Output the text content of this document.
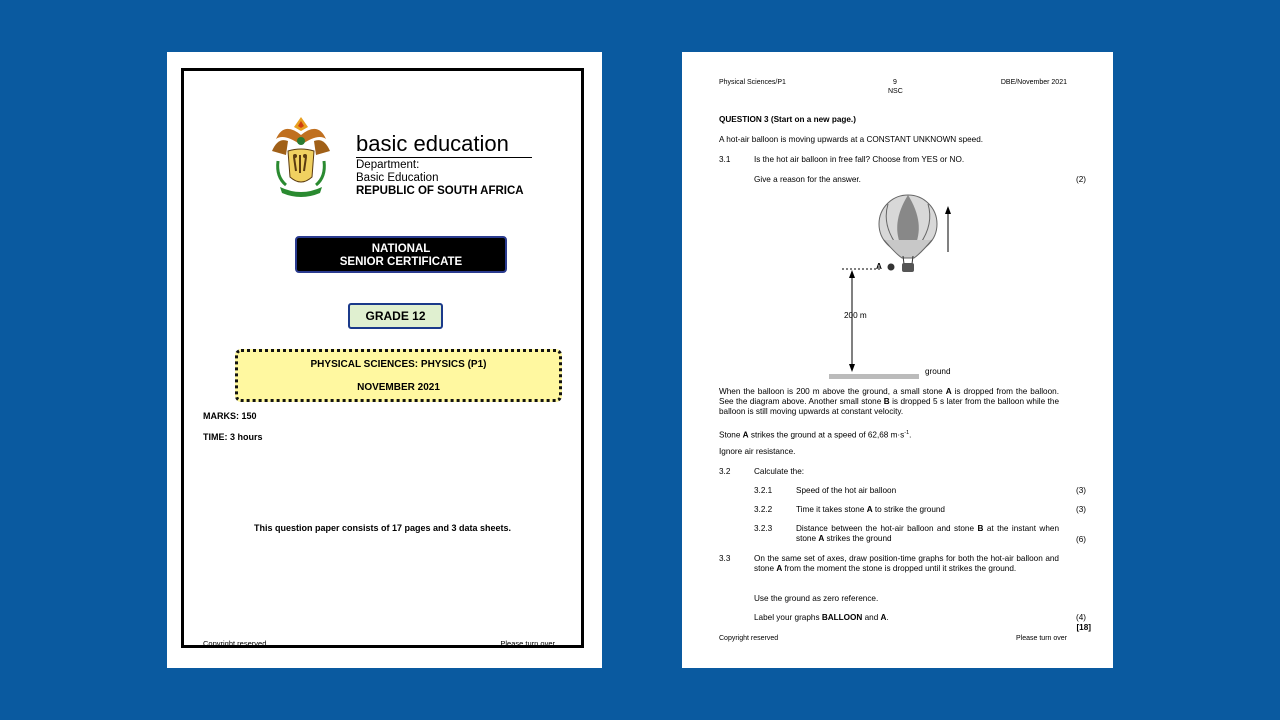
basic education
Department:
Basic Education
REPUBLIC OF SOUTH AFRICA
NATIONAL
SENIOR CERTIFICATE
GRADE 12
PHYSICAL SCIENCES: PHYSICS (P1)
NOVEMBER 2021
MARKS: 150
TIME: 3 hours
This question paper consists of 17 pages and 3 data sheets.
Copyright reserved	Please turn over
Physical Sciences/P1	9
NSC
DBE/November 2021
QUESTION 3 (Start on a new page.)
A hot-air balloon is moving upwards at a CONSTANT UNKNOWN speed.
3.1	Is the hot air balloon in free fall? Choose from YES or NO.
Give a reason for the answer.	(2)
A
200 m
ground
When the balloon is 200 m above the ground, a small stone A is dropped from the balloon. See the diagram above. Another small stone B is dropped 5 s later from the balloon while the balloon is still moving upwards at constant velocity.
Stone A strikes the ground at a speed of 62,68 $m\cdot s^{-1}$.
Ignore air resistance.
3.2	Calculate the:
3.2.1	Speed of the hot air balloon	(3)
3.2.2	Time it takes stone A to strike the ground	(3)
3.2.3	Distance between the hot-air balloon and stone B at the instant when stone A strikes the ground	(6)
3.3	On the same set of axes, draw position-time graphs for both the hot-air balloon and stone A from the moment the stone is dropped until it strikes the ground.
Use the ground as zero reference.
Label your graphs BALLOON and A.	(4)
[18]
Copyright reserved	Please turn over
